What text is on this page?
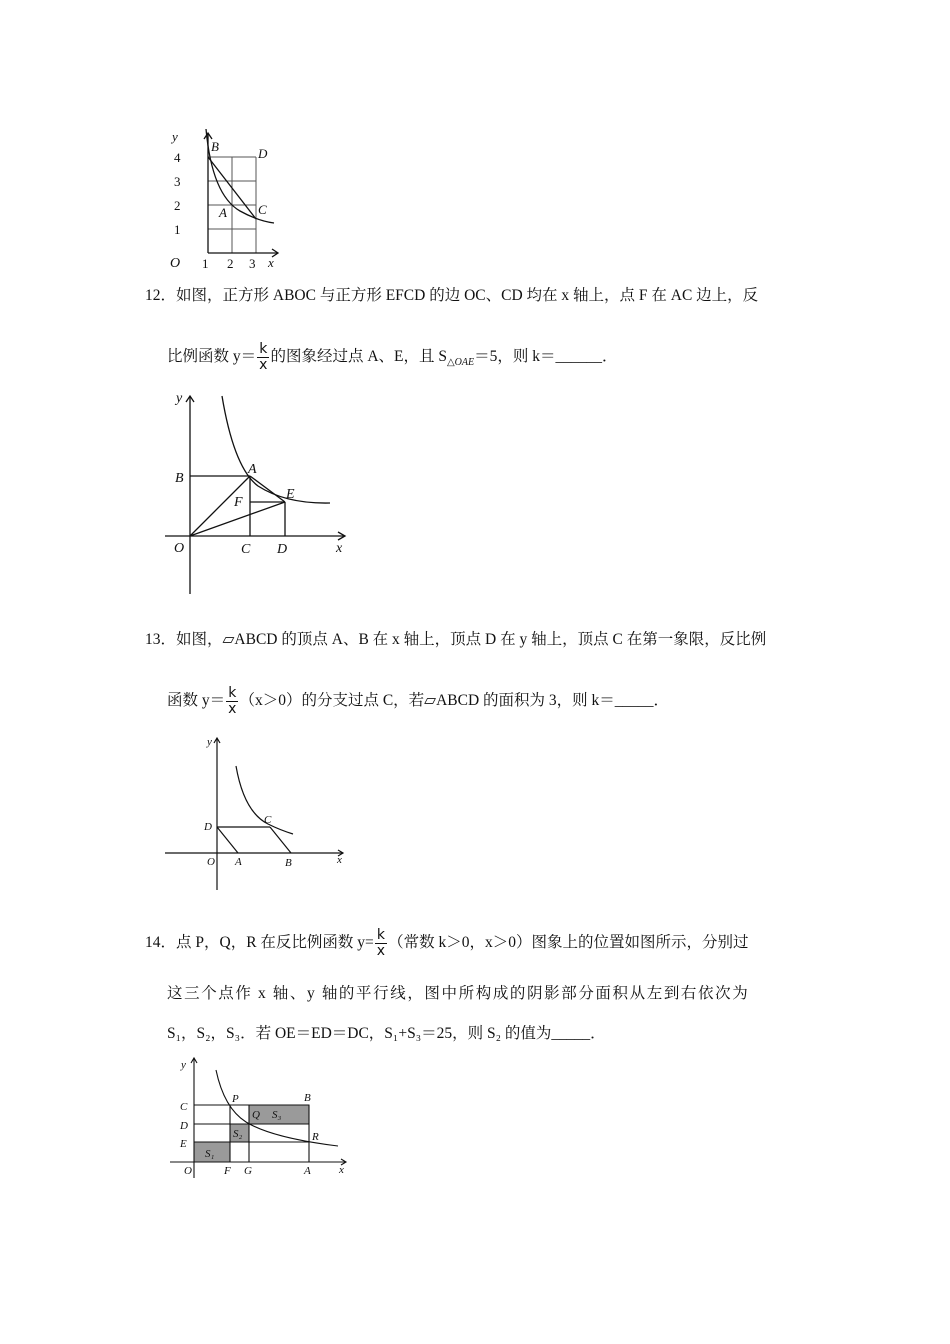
y
x
O
4
3
2
1
1 2 3
B	D
A C
12．如图，正方形 ABOC 与正方形 EFCD 的边 OC、CD 均在 x 轴上，点 F 在 AC 边上，反
比例函数 $y= \frac{k}{x}$ 的图象经过点 A、E，且 $S_{\triangle OAE}=5$，则 k＝______．
y
x
O
B
A
F
E
C D
13．如图，▱ABCD 的顶点 A、B 在 x 轴上，顶点 D 在 y 轴上，顶点 C 在第一象限，反比例
函数 $y= \frac{k}{x} (x>0)$的分支过点 C，若▱ABCD 的面积为 3，则 k＝_____．
y
x
O
D
C
A	B
14．点 P，Q，R 在反比例函数 $y= \frac{k}{x}$ （常数 k＞0，x＞0）图象上的位置如图所示，分别过
这三个点作 x 轴、y 轴的平行线，图中所构成的阴影部分面积从左到右依次为
S₁，S₂，S₃．若 OE＝ED＝DC，S₁+S₃＝25，则 S₂ 的值为_____．
y
x
O
C
D
E
P	B
Q S₃
S₂	R
S₁
F G	A
